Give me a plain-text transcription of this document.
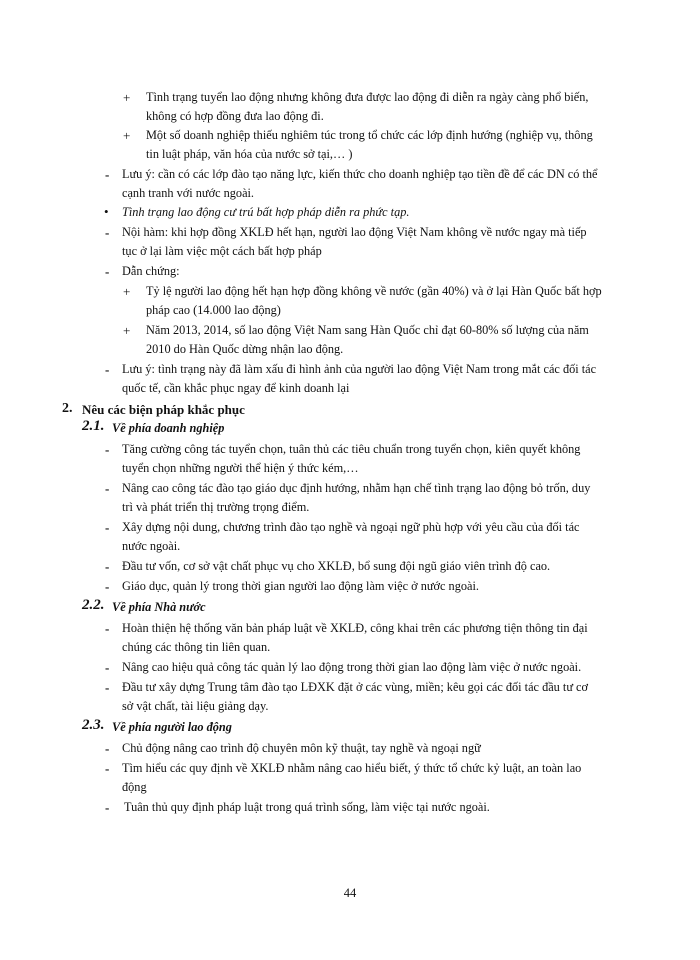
+ Tình trạng tuyển lao động nhưng không đưa được lao động đi diễn ra ngày càng phổ biến,
không có hợp đồng đưa lao động đi.
+ Một số doanh nghiệp thiếu nghiêm túc trong tổ chức các lớp định hướng (nghiệp vụ, thông
tin luật pháp, văn hóa của nước sở tại,… )
- Lưu ý: cần có các lớp đào tạo năng lực, kiến thức cho doanh nghiệp tạo tiền đề để các DN có thể
cạnh tranh với nước ngoài.
• Tình trạng lao động cư trú bất hợp pháp diễn ra phức tạp.
- Nội hàm: khi hợp đồng XKLĐ hết hạn, người lao động Việt Nam không về nước ngay mà tiếp
tục ở lại làm việc một cách bất hợp pháp
- Dẫn chứng:
+ Tỷ lệ người lao động hết hạn hợp đồng không về nước (gần 40%) và ở lại Hàn Quốc bất hợp
pháp cao (14.000 lao động)
+ Năm 2013, 2014, số lao động Việt Nam sang Hàn Quốc chỉ đạt 60-80% số lượng của năm
2010 do Hàn Quốc dừng nhận lao động.
- Lưu ý: tình trạng này đã làm xấu đi hình ảnh của người lao động Việt Nam trong mắt các đối tác
quốc tế, cần khắc phục ngay để kinh doanh lại
2. Nêu các biện pháp khắc phục
2.1. Về phía doanh nghiệp
- Tăng cường công tác tuyển chọn, tuân thủ các tiêu chuẩn trong tuyển chọn, kiên quyết không
tuyển chọn những người thể hiện ý thức kém,…
- Nâng cao công tác đào tạo giáo dục định hướng, nhằm hạn chế tình trạng lao động bỏ trốn, duy
trì và phát triển thị trường trọng điểm.
- Xây dựng nội dung, chương trình đào tạo nghề và ngoại ngữ phù hợp với yêu cầu của đối tác
nước ngoài.
- Đầu tư vốn, cơ sở vật chất phục vụ cho XKLĐ, bổ sung đội ngũ giáo viên trình độ cao.
- Giáo dục, quản lý trong thời gian người lao động làm việc ở nước ngoài.
2.2. Về phía Nhà nước
- Hoàn thiện hệ thống văn bản pháp luật về XKLĐ, công khai trên các phương tiện thông tin đại
chúng các thông tin liên quan.
- Nâng cao hiệu quả công tác quản lý lao động trong thời gian lao động làm việc ở nước ngoài.
- Đầu tư xây dựng Trung tâm đào tạo LĐXK đặt ở các vùng, miền; kêu gọi các đối tác đầu tư cơ
sở vật chất, tài liệu giảng dạy.
2.3. Về phía người lao động
- Chủ động nâng cao trình độ chuyên môn kỹ thuật, tay nghề và ngoại ngữ
- Tìm hiểu các quy định về XKLĐ nhằm nâng cao hiểu biết, ý thức tổ chức kỷ luật, an toàn lao
động
- Tuân thủ quy định pháp luật trong quá trình sống, làm việc tại nước ngoài.
44
